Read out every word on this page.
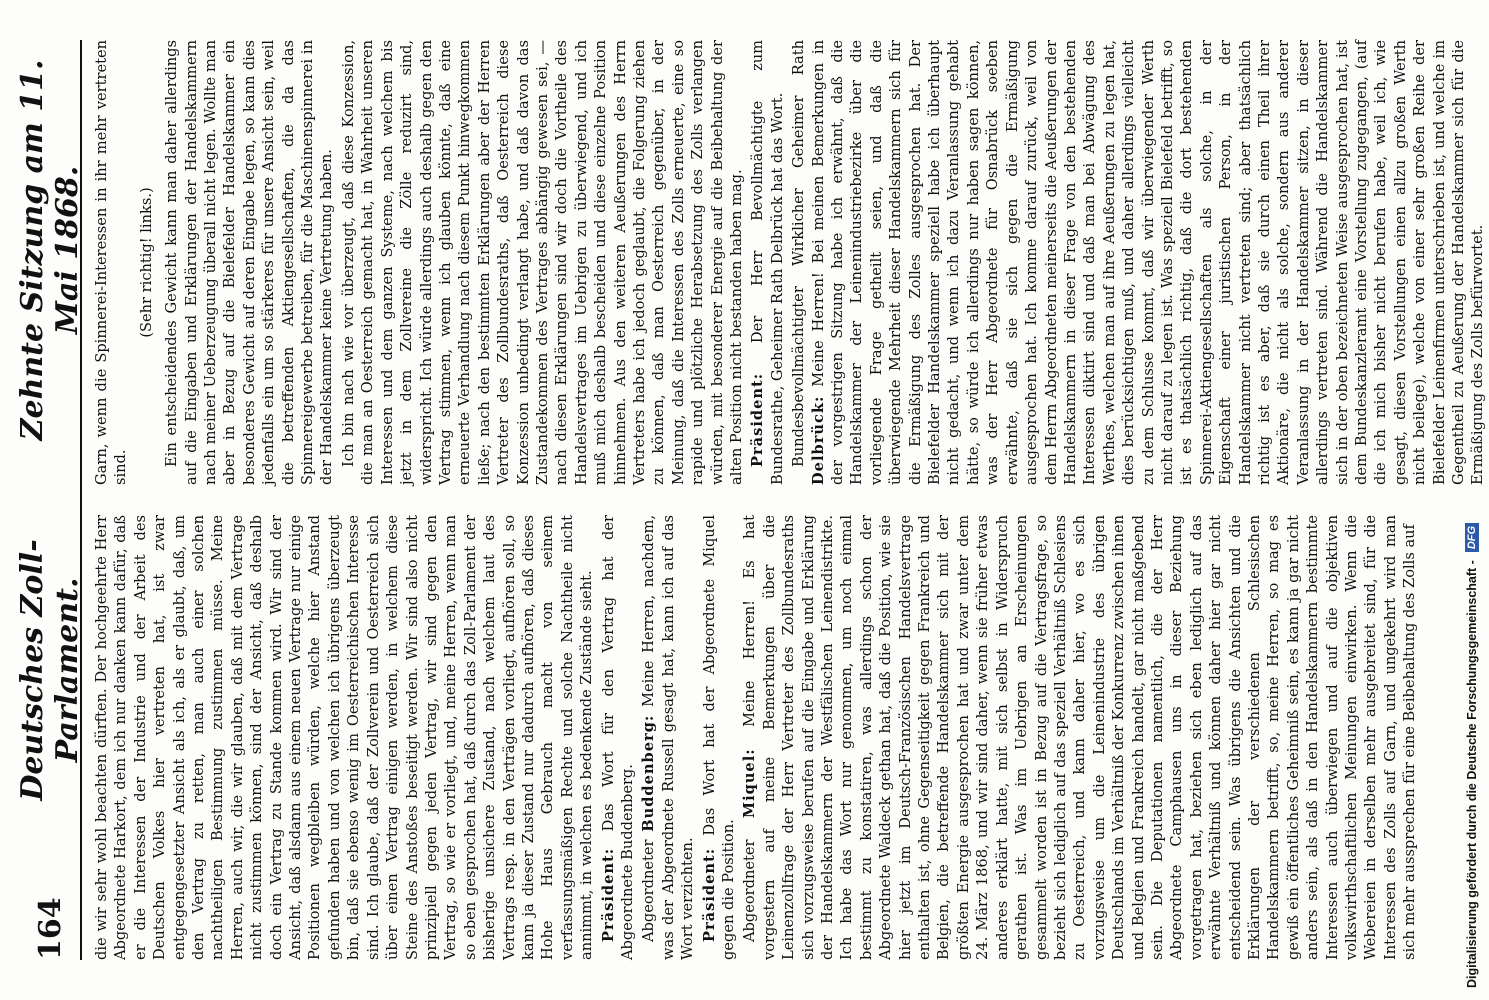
164
Deutsches Zoll-Parlament.
Zehnte Sitzung am 11. Mai 1868.

die wir sehr wohl beachten dürften. Der hochgeehrte Herr Abgeordnete Harkort, dem ich nur danken kann dafür, daß er die Interessen der Industrie und der Arbeit des Deutschen Volkes hier vertreten hat, ist zwar entgegengesetzter Ansicht als ich, als er glaubt, daß, um den Vertrag zu retten, man auch einer solchen nachtheiligen Bestimmung zustimmen müsse. Meine Herren, auch wir, die wir glauben, daß mit dem Vertrage nicht zustimmen können, sind der Ansicht, daß deshalb doch ein Vertrag zu Stande kommen wird. Wir sind der Ansicht, daß alsdann aus einem neuen Vertrage nur einige Positionen wegbleiben würden, welche hier Anstand gefunden haben und von welchen ich übrigens überzeugt bin, daß sie ebenso wenig im Oesterreichischen Interesse sind. Ich glaube, daß der Zollverein und Oesterreich sich über einen Vertrag einigen werden, in welchem diese Steine des Anstoßes beseitigt werden. Wir sind also nicht prinzipiell gegen jeden Vertrag, wir sind gegen den Vertrag, so wie er vorliegt, und, meine Herren, wenn man so eben gesprochen hat, daß durch das Zoll-Parlament der bisherige unsichere Zustand, nach welchem laut des Vertrags resp. in den Verträgen vorliegt, aufhören soll, so kann ja dieser Zustand nur dadurch aufhören, daß dieses Hohe Haus Gebrauch macht von seinem verfassungsmäßigen Rechte und solche Nachtheile nicht annimmt, in welchen es bedenkende Zustände sieht. Präsident: Das Wort für den Vertrag hat der Abgeordnete Buddenberg. Abgeordneter Buddenberg: Meine Herren, nachdem, was der Abgeordnete Russell gesagt hat, kann ich auf das Wort verzichten. Präsident: Das Wort hat der Abgeordnete Miquel gegen die Position. Abgeordneter Miquel: Meine Herren! Es hat vorgestern auf meine Bemerkungen über die Leinenzollfrage der Herr Vertreter des Zollbundesraths sich vorzugsweise berufen auf die Eingabe und Erklärung der Handelskammern der Westfälischen Leinendistrikte. Ich habe das Wort nur genommen, um noch einmal bestimmt zu konstatiren, was allerdings schon der Abgeordnete Waldeck gethan hat, daß die Position, wie sie hier jetzt im Deutsch-Französischen Handelsvertrage enthalten ist, ohne Gegenseitigkeit gegen Frankreich und Belgien, die betreffende Handelskammer sich mit der größten Energie ausgesprochen hat und zwar unter dem 24. März 1868, und wir sind daher, wenn sie früher etwas anderes erklärt hatte, mit sich selbst in Widerspruch gerathen ist. Was im Uebrigen an Erscheinungen gesammelt worden ist in Bezug auf die Vertragsfrage, so bezieht sich lediglich auf das speziell Verhältniß Schlesiens zu Oesterreich, und kann daher hier, wo es sich vorzugsweise um die Leinenindustrie des übrigen Deutschlands im Verhältniß der Konkurrenz zwischen ihnen und Belgien und Frankreich handelt, gar nicht maßgebend sein. Die Deputationen namentlich, die der Herr Abgeordnete Camphausen uns in dieser Beziehung vorgetragen hat, beziehen sich eben lediglich auf das erwähnte Verhältniß und können daher hier gar nicht entscheidend sein. Was übrigens die Ansichten und die Erklärungen der verschiedenen Schlesischen Handelskammern betrifft, so, meine Herren, so mag es gewiß ein öffentliches Geheimniß sein, es kann ja gar nicht anders sein, als daß in den Handelskammern bestimmte Interessen auch überwiegen und auf die objektiven volkswirthschaftlichen Meinungen einwirken. Wenn die Webereien in derselben mehr ausgebreitet sind, für die Interessen des Zolls auf Garn, und ungekehrt wird man sich mehr aussprechen für eine Beibehaltung des Zolls auf

Garn, wenn die Spinnerei-Interessen in ihr mehr vertreten sind.

(Sehr richtig! links.) Ein entscheidendes Gewicht kann man daher allerdings auf die Eingaben und Erklärungen der Handelskammern nach meiner Ueberzeugung überall nicht legen. Wollte man aber in Bezug auf die Bielefelder Handelskammer ein besonderes Gewicht auf deren Eingabe legen, so kann dies jedenfalls ein um so stärkeres für unsere Ansicht sein, weil die betreffenden Aktiengesellschaften, die da das Spinnereigewerbe betreiben, für die Maschinenspinnerei in der Handelskammer keine Vertretung haben. Ich bin nach wie vor überzeugt, daß diese Konzession, die man an Oesterreich gemacht hat, in Wahrheit unseren Interessen und dem ganzen Systeme, nach welchem bis jetzt in dem Zollvereine die Zölle reduzirt sind, widerspricht. Ich würde allerdings auch deshalb gegen den Vertrag stimmen, wenn ich glauben könnte, daß eine erneuerte Verhandlung nach diesem Punkt hinwegkommen ließe; nach den bestimmten Erklärungen aber der Herren Vertreter des Zollbundesraths, daß Oesterreich diese Konzession unbedingt verlangt habe, und daß davon das Zustandekommen des Vertrages abhängig gewesen sei, — nach diesen Erklärungen sind wir doch die Vortheile des Handelsvertrages im Uebrigen zu überwiegend, und ich muß mich deshalb bescheiden und diese einzelne Position hinnehmen. Aus den weiteren Aeußerungen des Herrn Vertreters habe ich jedoch geglaubt, die Folgerung ziehen zu können, daß man Oesterreich gegenüber, in der Meinung, daß die Interessen des Zolls erneuerte, eine so rapide und plötzliche Herabsetzung des Zolls verlangen würden, mit besonderer Energie auf die Beibehaltung der alten Position nicht bestanden haben mag. Präsident: Der Herr Bevollmächtigte zum Bundesrathe, Geheimer Rath Delbrück hat das Wort. Bundesbevollmächtigter Wirklicher Geheimer Rath Delbrück: Meine Herren! Bei meinen Bemerkungen in der vorgestrigen Sitzung habe ich erwähnt, daß die Handelskammer der Leinenindustriebezirke über die vorliegende Frage getheilt seien, und daß die überwiegende Mehrheit dieser Handelskammern sich für die Ermäßigung des Zolles ausgesprochen hat. Der Bielefelder Handelskammer speziell habe ich überhaupt nicht gedacht, und wenn ich dazu Veranlassung gehabt hätte, so würde ich allerdings nur haben sagen können, was der Herr Abgeordnete für Osnabrück soeben erwähnte, daß sie sich gegen die Ermäßigung ausgesprochen hat. Ich komme darauf zurück, weil von dem Herrn Abgeordneten meinerseits die Aeußerungen der Handelskammern in dieser Frage von den bestehenden Interessen diktirt sind und daß man bei Abwägung des Werthes, welchen man auf ihre Aeußerungen zu legen hat, dies berücksichtigen muß, und daher allerdings vielleicht zu dem Schlusse kommt, daß wir überwiegender Werth nicht darauf zu legen ist. Was speziell Bielefeld betrifft, so ist es thatsächlich richtig, daß die dort bestehenden Spinnerei-Aktiengesellschaften als solche, in der Eigenschaft einer juristischen Person, in der Handelskammer nicht vertreten sind; aber thatsächlich richtig ist es aber, daß sie durch einen Theil ihrer Aktionäre, die nicht als solche, sondern aus anderer Veranlassung in der Handelskammer sitzen, in dieser allerdings vertreten sind. Während die Handelskammer sich in der oben bezeichneten Weise ausgesprochen hat, ist dem Bundeskanzleramt eine Vorstellung zugegangen, (auf die ich mich bisher nicht berufen habe, weil ich, wie gesagt, diesen Vorstellungen einen allzu großen Werth nicht beilege), welche von einer sehr großen Reihe der Bielefelder Leinenfirmen unterschrieben ist, und welche im Gegentheil zu Aeußerung der Handelskammer sich für die Ermäßigung des Zolls befürwortet.

Digitalisierung gefördert durch die Deutsche Forschungsgemeinschaft -
DFG
